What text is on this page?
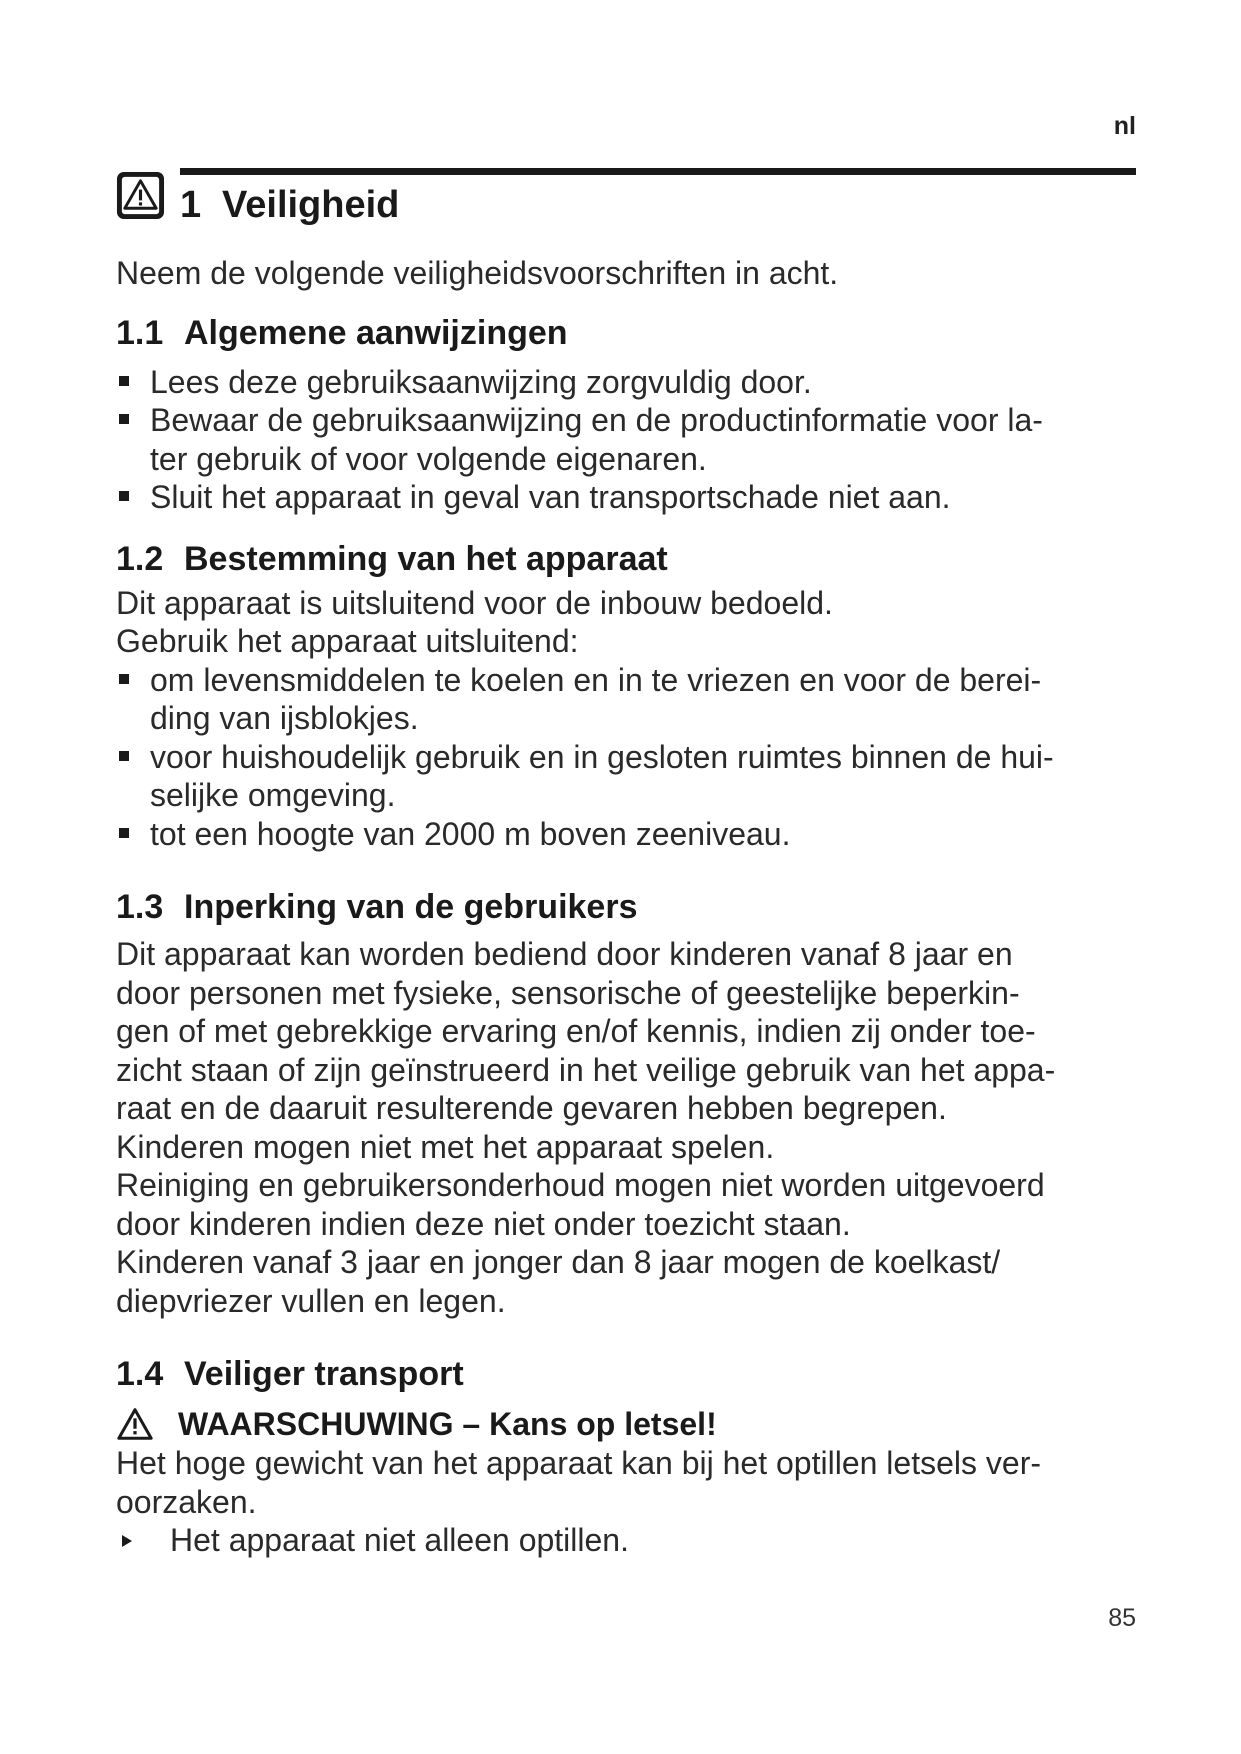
nl
1 Veiligheid

Neem de volgende veiligheidsvoorschriften in acht.

1.1 Algemene aanwijzingen
Lees deze gebruiksaanwijzing zorgvuldig door.
Bewaar de gebruiksaanwijzing en de productinformatie voor la-
ter gebruik of voor volgende eigenaren.
Sluit het apparaat in geval van transportschade niet aan.
1.2 Bestemming van het apparaat

Dit apparaat is uitsluitend voor de inbouw bedoeld.

Gebruik het apparaat uitsluitend:

om levensmiddelen te koelen en in te vriezen en voor de berei-
ding van ijsblokjes.
voor huishoudelijk gebruik en in gesloten ruimtes binnen de hui-
selijke omgeving.
tot een hoogte van 2000 m boven zeeniveau.
1.3 Inperking van de gebruikers

Dit apparaat kan worden bediend door kinderen vanaf 8 jaar en
door personen met fysieke, sensorische of geestelijke beperkin-
gen of met gebrekkige ervaring en/of kennis, indien zij onder toe-
zicht staan of zijn geïnstrueerd in het veilige gebruik van het appa-
raat en de daaruit resulterende gevaren hebben begrepen.

Kinderen mogen niet met het apparaat spelen.

Reiniging en gebruikersonderhoud mogen niet worden uitgevoerd
door kinderen indien deze niet onder toezicht staan.

Kinderen vanaf 3 jaar en jonger dan 8 jaar mogen de koelkast/
diepvriezer vullen en legen.

1.4 Veiliger transport
WAARSCHUWING – Kans op letsel!

Het hoge gewicht van het apparaat kan bij het optillen letsels ver-
oorzaken.

Het apparaat niet alleen optillen.
85
